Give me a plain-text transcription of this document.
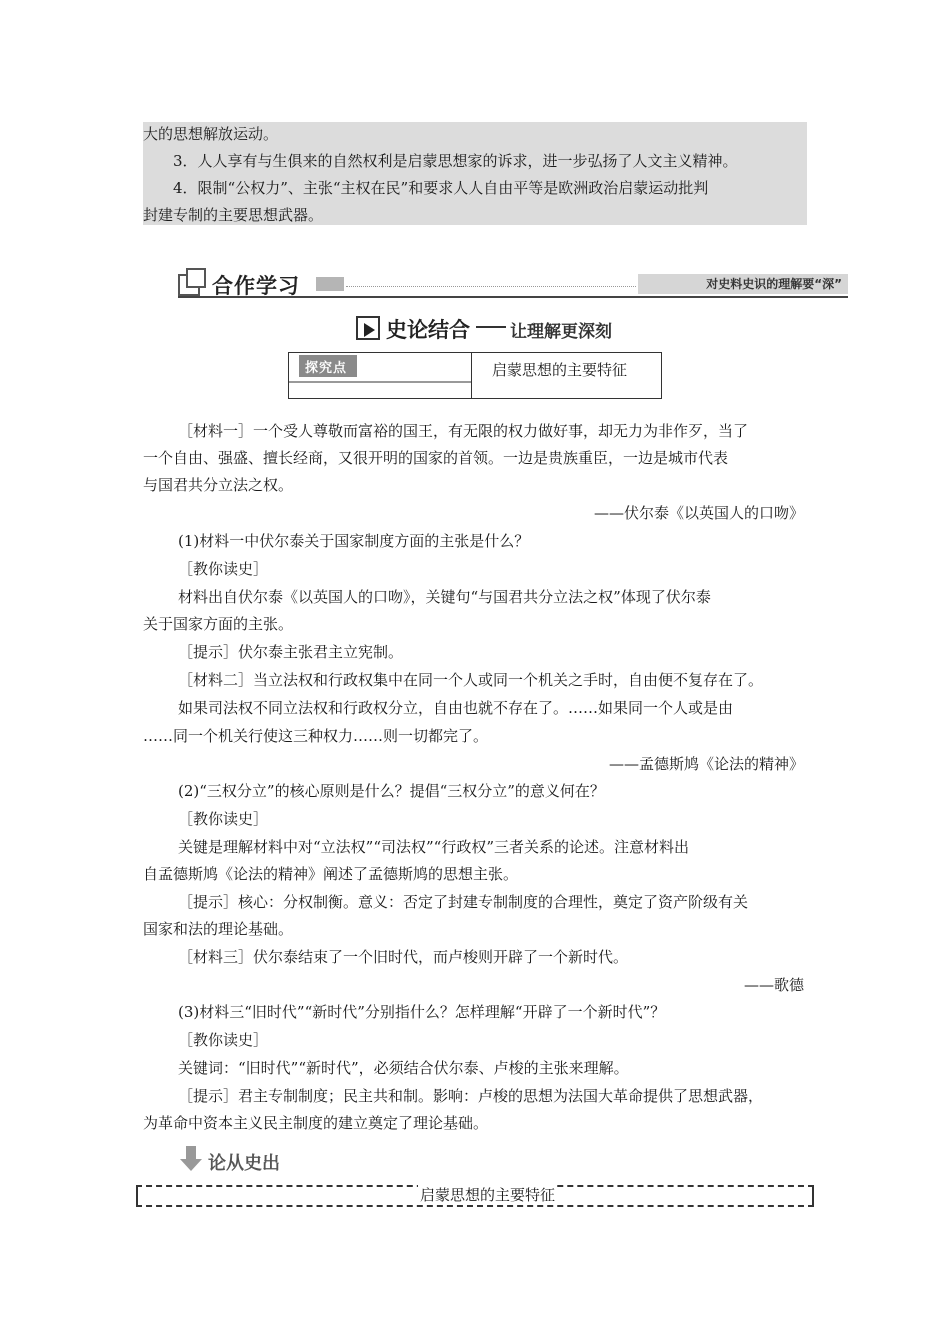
大的思想解放运动。
　　3．人人享有与生俱来的自然权利是启蒙思想家的诉求，进一步弘扬了人文主义精神。
　　4．限制“公权力”、主张“主权在民”和要求人人自由平等是欧洲政治启蒙运动批判
封建专制的主要思想武器。
合作学习	对史料史识的理解要“深”
史论结合 让理解更深刻
探究点	启蒙思想的主要特征
［材料一］一个受人尊敬而富裕的国王，有无限的权力做好事，却无力为非作歹，当了
一个自由、强盛、擅长经商，又很开明的国家的首领。一边是贵族重臣，一边是城市代表
与国君共分立法之权。
——伏尔泰《以英国人的口吻》
(1)材料一中伏尔泰关于国家制度方面的主张是什么？
［教你读史］
材料出自伏尔泰《以英国人的口吻》，关键句“与国君共分立法之权”体现了伏尔泰
关于国家方面的主张。
［提示］伏尔泰主张君主立宪制。
［材料二］当立法权和行政权集中在同一个人或同一个机关之手时，自由便不复存在了。
如果司法权不同立法权和行政权分立，自由也就不存在了。……如果同一个人或是由
……同一个机关行使这三种权力……则一切都完了。
——孟德斯鸠《论法的精神》
(2)“三权分立”的核心原则是什么？提倡“三权分立”的意义何在？
［教你读史］
关键是理解材料中对“立法权”“司法权”“行政权”三者关系的论述。注意材料出
自孟德斯鸠《论法的精神》阐述了孟德斯鸠的思想主张。
［提示］核心：分权制衡。意义：否定了封建专制制度的合理性，奠定了资产阶级有关
国家和法的理论基础。
［材料三］伏尔泰结束了一个旧时代，而卢梭则开辟了一个新时代。
——歌德
(3)材料三“旧时代”“新时代”分别指什么？怎样理解“开辟了一个新时代”？
［教你读史］
关键词：“旧时代”“新时代”，必须结合伏尔泰、卢梭的主张来理解。
［提示］君主专制制度；民主共和制。影响：卢梭的思想为法国大革命提供了思想武器，
为革命中资本主义民主制度的建立奠定了理论基础。
论从史出
启蒙思想的主要特征
